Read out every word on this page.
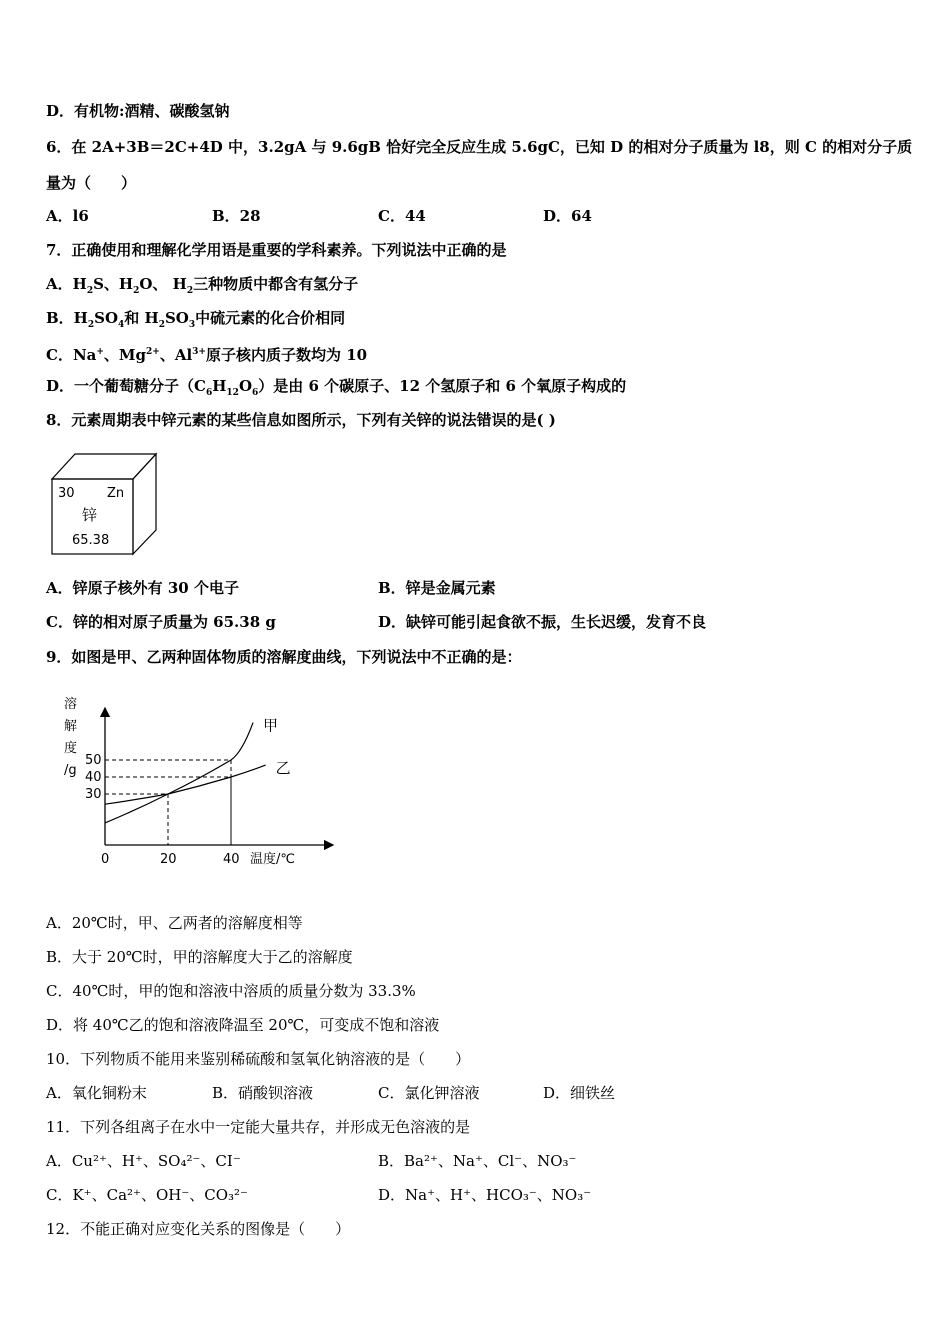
D．有机物:酒精、碳酸氢钠
6．在 2A+3B＝2C+4D 中，3.2gA 与 9.6gB 恰好完全反应生成 5.6gC，已知 D 的相对分子质量为 l8，则 C 的相对分子质
量为（　　）
A．l6	B．28	C．44	D．64
7．正确使用和理解化学用语是重要的学科素养。下列说法中正确的是
A．$H_2S$、$H_2O$、 $H_2$三种物质中都含有氢分子
B．$H_2SO_4$和 $H_2SO_3$中硫元素的化合价相同
C．Na+、$Mg^{2+}$、$Al^{3+}$原子核内质子数均为 10
D．一个葡萄糖分子$(C_6H_{12}O_6)$是由 6 个碳原子、12 个氢原子和 6 个氧原子构成的
8．元素周期表中锌元素的某些信息如图所示，下列有关锌的说法错误的是( )
30 Zn
锌
65.38
A．锌原子核外有 30 个电子	B．锌是金属元素
C．锌的相对原子质量为 65.38 g	D．缺锌可能引起食欲不振，生长迟缓，发育不良
9．如图是甲、乙两种固体物质的溶解度曲线，下列说法中不正确的是：
甲
乙
0	20	40
30
40
50
溶
解
度
/g
温度/℃
A．20℃时，甲、乙两者的溶解度相等
B．大于 20℃时，甲的溶解度大于乙的溶解度
C．40℃时，甲的饱和溶液中溶质的质量分数为 33.3%
D．将 40℃乙的饱和溶液降温至 20℃，可变成不饱和溶液
10．下列物质不能用来鉴别稀硫酸和氢氧化钠溶液的是（　　）
A．氧化铜粉末	B．硝酸钡溶液	C．氯化钾溶液	D．细铁丝
11．下列各组离子在水中一定能大量共存，并形成无色溶液的是
A．Cu²⁺、H⁺、SO₄²⁻、CI⁻	B．Ba²⁺、Na⁺、Cl⁻、NO₃⁻
C．K⁺、Ca²⁺、OH⁻、CO₃²⁻	D．Na⁺、H⁺、HCO₃⁻、NO₃⁻
12．不能正确对应变化关系的图像是（　　）
